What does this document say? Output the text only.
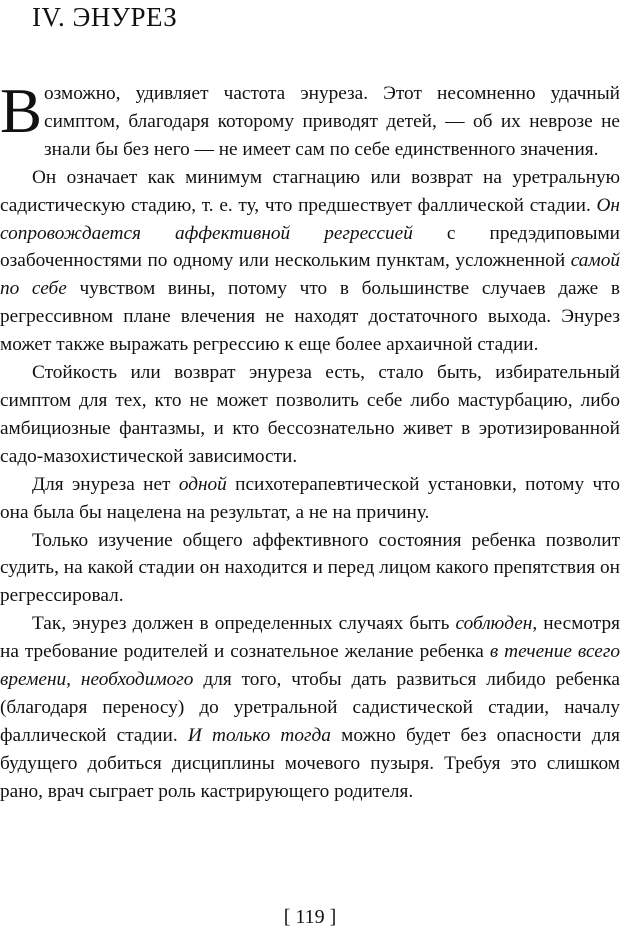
IV. ЭНУРЕЗ

Возможно, удивляет частота энуреза. Этот несомненно удачный симптом, благодаря которому приводят детей, — об их неврозе не знали бы без него — не имеет сам по себе единственного значения.

Он означает как минимум стагнацию или возврат на уретральную садистическую стадию, т. е. ту, что предшествует фаллической стадии. Он сопровождается аффективной регрессией с предэдиповыми озабоченностями по одному или нескольким пунктам, усложненной самой по себе чувством вины, потому что в большинстве случаев даже в регрессивном плане влечения не находят достаточного выхода. Энурез может также выражать регрессию к еще более архаичной стадии.

Стойкость или возврат энуреза есть, стало быть, избирательный симптом для тех, кто не может позволить себе либо мастурбацию, либо амбициозные фантазмы, и кто бессознательно живет в эротизированной садо-мазохистической зависимости.

Для энуреза нет одной психотерапевтической установки, потому что она была бы нацелена на результат, а не на причину.

Только изучение общего аффективного состояния ребенка позволит судить, на какой стадии он находится и перед лицом какого препятствия он регрессировал.

Так, энурез должен в определенных случаях быть соблюден, несмотря на требование родителей и сознательное желание ребенка в течение всего времени, необходимого для того, чтобы дать развиться либидо ребенка (благодаря переносу) до уретральной садистической стадии, началу фаллической стадии. И только тогда можно будет без опасности для будущего добиться дисциплины мочевого пузыря. Требуя это слишком рано, врач сыграет роль кастрирующего родителя.

[ 119 ]
